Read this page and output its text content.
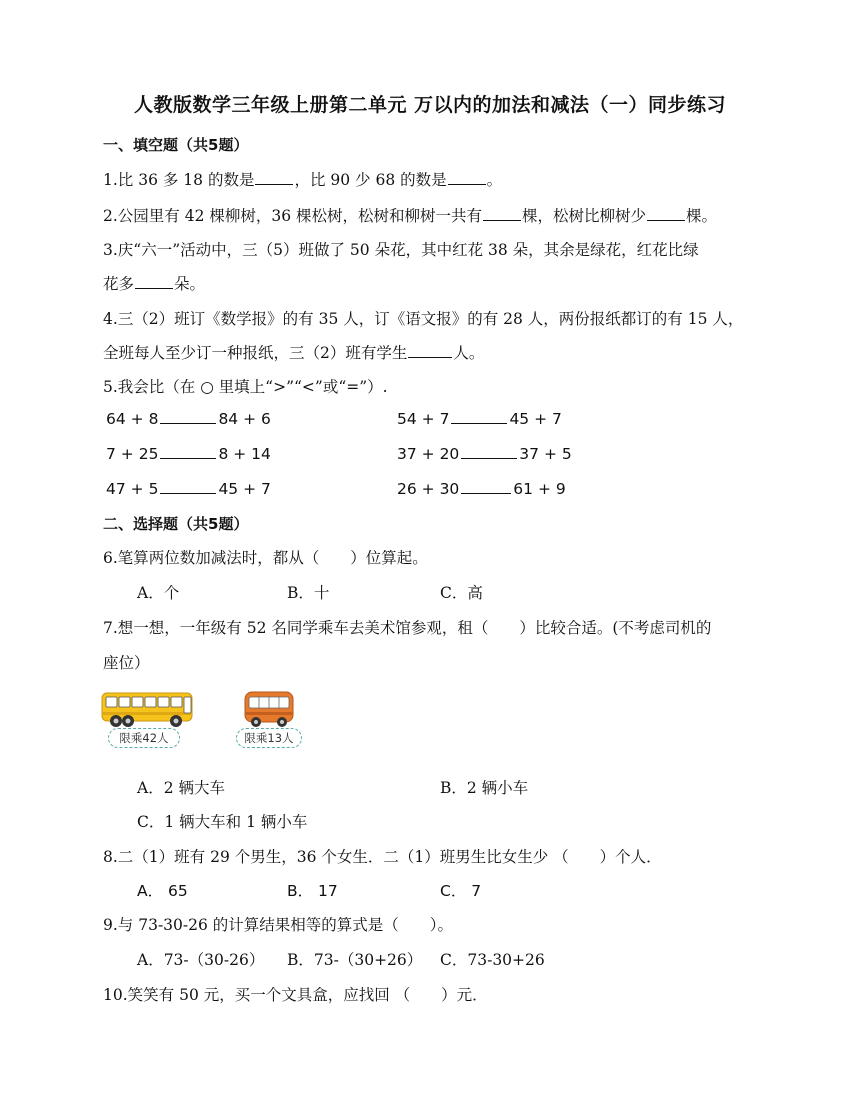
人教版数学三年级上册第二单元 万以内的加法和减法（一）同步练习
一、填空题（共5题）
1.比 36 多 18 的数是	，比 90 少 68 的数是	。
2.公园里有 42 棵柳树，36 棵松树，松树和柳树一共有	棵，松树比柳树少	棵。
3.庆“六一”活动中，三（5）班做了 50 朵花，其中红花 38 朵，其余是绿花，红花比绿
花多	朵。
4.三（2）班订《数学报》的有 35 人，订《语文报》的有 28 人，两份报纸都订的有 15 人，
全班每人至少订一种报纸，三（2）班有学生	人。
5.我会比（在 ○ 里填上“>”“<”或“=”）.
64 + 8	84 + 6	54 + 7	45 + 7
7 + 25	8 + 14	37 + 20	37 + 5
47 + 5	45 + 7	26 + 30	61 + 9
二、选择题（共5题）
6.笔算两位数加减法时，都从（　　）位算起。
A．个	B．十	C．高
7.想一想，一年级有 52 名同学乘车去美术馆参观，租（　　）比较合适。(不考虑司机的
座位）
限乘42人	限乘13人
A．2 辆大车	B．2 辆小车
C．1 辆大车和 1 辆小车
8.二（1）班有 29 个男生，36 个女生．二（1）班男生比女生少 （　　）个人．
A． 65	B． 17	C． 7
9.与 73-30-26 的计算结果相等的算式是（　　）。
A．73-（30-26） B．73-（30+26） C．73-30+26
10.笑笑有 50 元，买一个文具盒，应找回 （　　）元．
